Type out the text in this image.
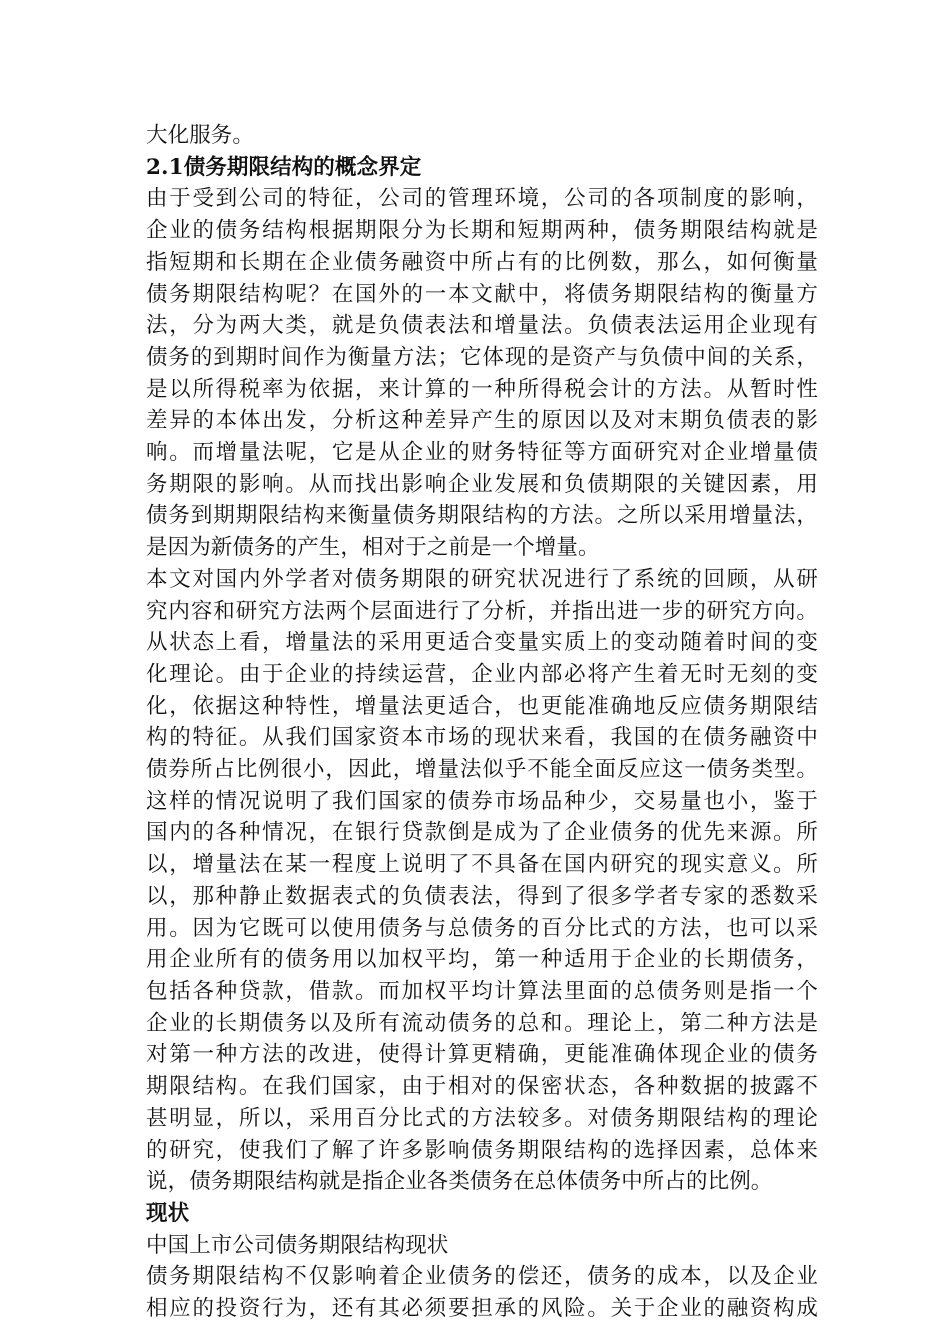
大化服务。
2.1债务期限结构的概念界定
由于受到公司的特征，公司的管理环境，公司的各项制度的影响，
企业的债务结构根据期限分为长期和短期两种，债务期限结构就是
指短期和长期在企业债务融资中所占有的比例数，那么，如何衡量
债务期限结构呢？在国外的一本文献中，将债务期限结构的衡量方
法，分为两大类，就是负债表法和增量法。负债表法运用企业现有
债务的到期时间作为衡量方法；它体现的是资产与负债中间的关系，
是以所得税率为依据，来计算的一种所得税会计的方法。从暂时性
差异的本体出发，分析这种差异产生的原因以及对末期负债表的影
响。而增量法呢，它是从企业的财务特征等方面研究对企业增量债
务期限的影响。从而找出影响企业发展和负债期限的关键因素，用
债务到期期限结构来衡量债务期限结构的方法。之所以采用增量法，
是因为新债务的产生，相对于之前是一个增量。
本文对国内外学者对债务期限的研究状况进行了系统的回顾，从研
究内容和研究方法两个层面进行了分析，并指出进一步的研究方向。
从状态上看，增量法的采用更适合变量实质上的变动随着时间的变
化理论。由于企业的持续运营，企业内部必将产生着无时无刻的变
化，依据这种特性，增量法更适合，也更能准确地反应债务期限结
构的特征。从我们国家资本市场的现状来看，我国的在债务融资中
债券所占比例很小，因此，增量法似乎不能全面反应这一债务类型。
这样的情况说明了我们国家的债券市场品种少，交易量也小，鉴于
国内的各种情况，在银行贷款倒是成为了企业债务的优先来源。所
以，增量法在某一程度上说明了不具备在国内研究的现实意义。所
以，那种静止数据表式的负债表法，得到了很多学者专家的悉数采
用。因为它既可以使用债务与总债务的百分比式的方法，也可以采
用企业所有的债务用以加权平均，第一种适用于企业的长期债务，
包括各种贷款，借款。而加权平均计算法里面的总债务则是指一个
企业的长期债务以及所有流动债务的总和。理论上，第二种方法是
对第一种方法的改进，使得计算更精确，更能准确体现企业的债务
期限结构。在我们国家，由于相对的保密状态，各种数据的披露不
甚明显，所以，采用百分比式的方法较多。对债务期限结构的理论
的研究，使我们了解了许多影响债务期限结构的选择因素，总体来
说，债务期限结构就是指企业各类债务在总体债务中所占的比例。
现状
中国上市公司债务期限结构现状
债务期限结构不仅影响着企业债务的偿还，债务的成本，以及企业
相应的投资行为，还有其必须要担承的风险。关于企业的融资构成
